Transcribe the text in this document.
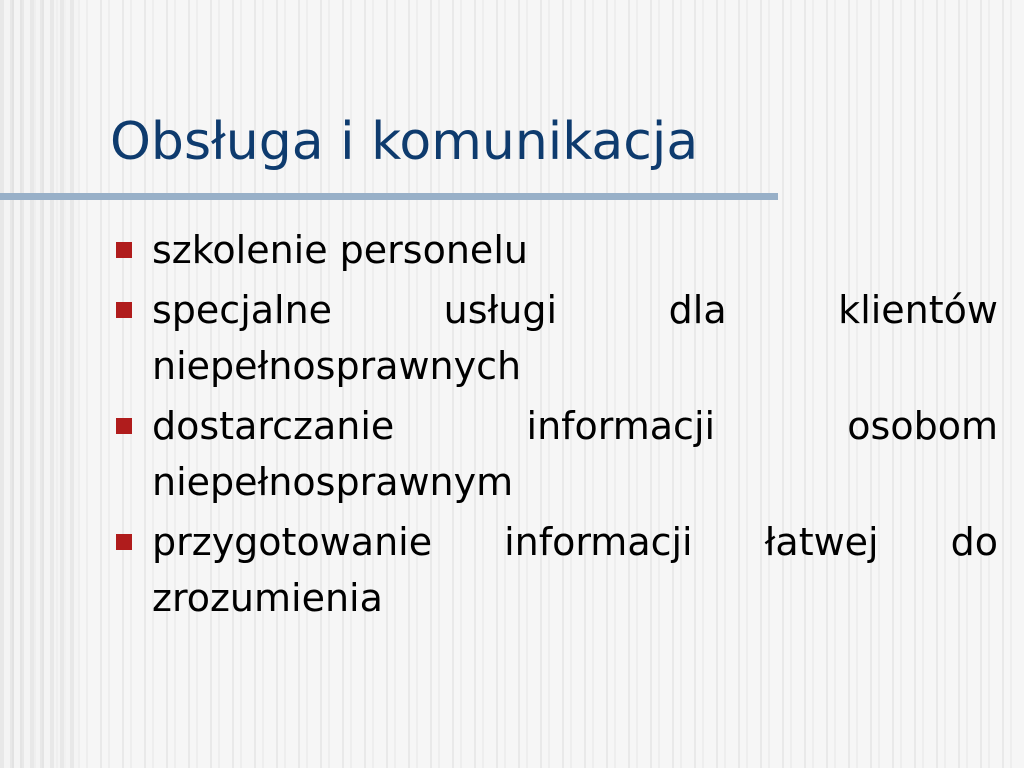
Obsługa i komunikacja
szkolenie personelu
specjalne usługi dla klientów niepełnosprawnych
dostarczanie informacji osobom niepełnosprawnym
przygotowanie informacji łatwej do zrozumienia
